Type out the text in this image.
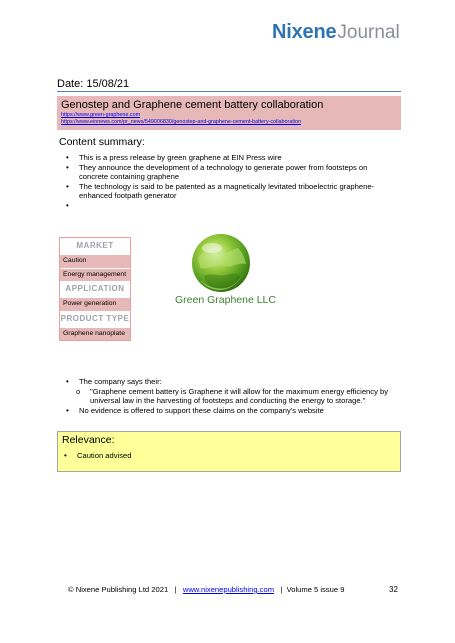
NixeneJournal
Date: 15/08/21
Genostep and Graphene cement battery collaboration
https://www.green-graphene.com
https://www.einnews.com/pr_news/549006830/genostep-and-graphene-cement-battery-collaboration
Content summary:
• This is a press release by green graphene at EIN Press wire
• They announce the development of a technology to generate power from footsteps on concrete containing graphene
• The technology is said to be patented as a magnetically levitated triboelectric graphene-enhanced footpath generator
•
MARKET
Caution
Energy management
APPLICATION
Power generation
PRODUCT TYPE
Graphene nanoplate
Green Graphene LLC
• The company says their:
o "Graphene cement battery is Graphene it will allow for the maximum energy efficiency by universal law in the harvesting of footsteps and conducting the energy to storage."
• No evidence is offered to support these claims on the company's website
Relevance:
• Caution advised
© Nixene Publishing Ltd 2021 | www.nixenepublishing.com | Volume 5 issue 9	32
